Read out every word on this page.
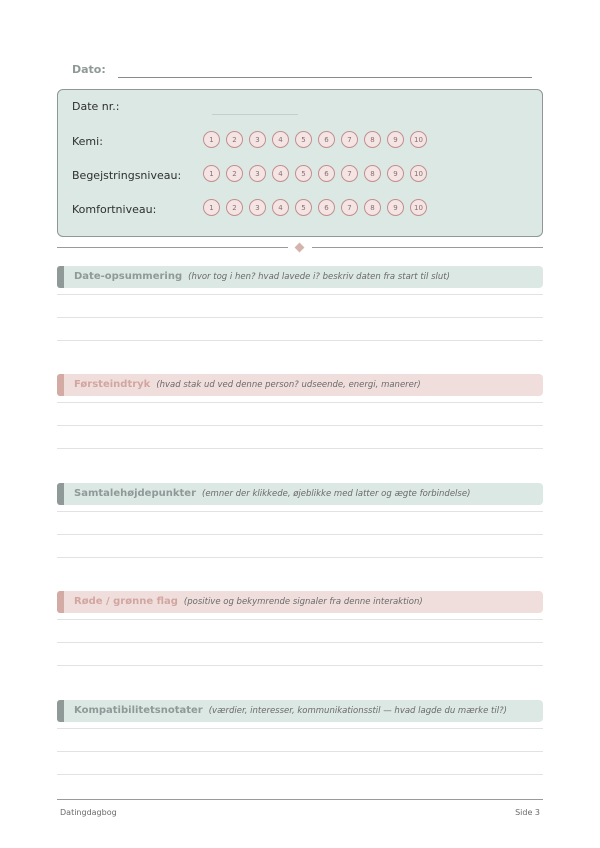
Dato:
Date nr.:
Kemi:	1	2	3	4	5	6	7	8	9	10
Begejstringsniveau:	1	2	3	4	5	6	7	8	9	10
Komfortniveau:	1	2	3	4	5	6	7	8	9	10
Date-opsummering (hvor tog i hen? hvad lavede i? beskriv daten fra start til slut)
Førsteindtryk (hvad stak ud ved denne person? udseende, energi, manerer)
Samtalehøjdepunkter (emner der klikkede, øjeblikke med latter og ægte forbindelse)
Røde / grønne flag (positive og bekymrende signaler fra denne interaktion)
Kompatibilitetsnotater (værdier, interesser, kommunikationsstil — hvad lagde du mærke til?)
Datingdagbog	Side 3
